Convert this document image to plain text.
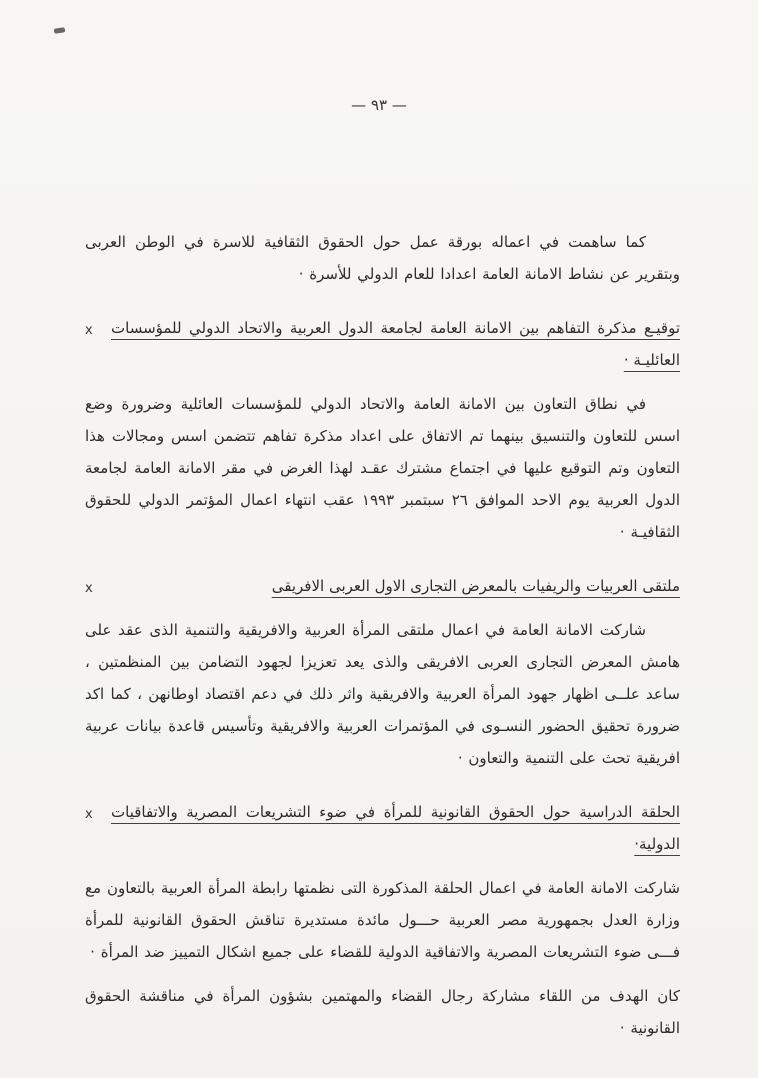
— ٩٣ —

كما ساهمت في اعماله بورقة عمل حول الحقوق الثقافية للاسرة في الوطن العربى وبتقرير عن نشاط الامانة العامة اعدادا للعام الدولي للأسرة ·

x	توقيـع مذكرة التفاهم بين الامانة العامة لجامعة الدول العربية والاتحاد الدولي للمؤسسات العائليـة ·

في نطاق التعاون بين الامانة العامة والاتحاد الدولي للمؤسسات العائلية وضرورة وضع اسس للتعاون والتنسيق بينهما تم الاتفاق على اعداد مذكرة تفاهم تتضمن اسس ومجالات هذا التعاون وتم التوقيع عليها في اجتماع مشترك عقـد لهذا الغرض في مقر الامانة العامة لجامعة الدول العربية يوم الاحد الموافق ٢٦ سبتمبر ١٩٩٣ عقب انتهاء اعمال المؤتمر الدولي للحقوق الثقافيـة ·

x	ملتقى العربيات والريفيات بالمعرض التجارى الاول العربى الافريقى

شاركت الامانة العامة في اعمال ملتقى المرأة العربية والافريقية والتنمية الذى عقد على هامش المعرض التجارى العربى الافريقى والذى يعد تعزيزا لجهود التضامن بين المنظمتين ، ساعد علــى اظهار جهود المرأة العربية والافريقية واثر ذلك في دعم اقتصاد اوطانهن ، كما اكد ضرورة تحقيق الحضور النسـوى في المؤتمرات العربية والافريقية وتأسيس قاعدة بيانات عربية افريقية تحث على التنمية والتعاون ·

x	الحلقة الدراسية حول الحقوق القانونية للمرأة في ضوء التشريعات المصرية والاتفاقيات الدولية·

شاركت الامانة العامة في اعمال الحلقة المذكورة التى نظمتها رابطة المرأة العربية بالتعاون مع وزارة العدل بجمهورية مصر العربية حـــول مائدة مستديرة تناقش الحقوق القانونية للمرأة فـــى ضوء التشريعات المصرية والاتفاقية الدولية للقضاء على جميع اشكال التمييز ضد المرأة ·

كان الهدف من اللقاء مشاركة رجال القضاء والمهتمين بشؤون المرأة في مناقشة الحقوق القانونية ·
